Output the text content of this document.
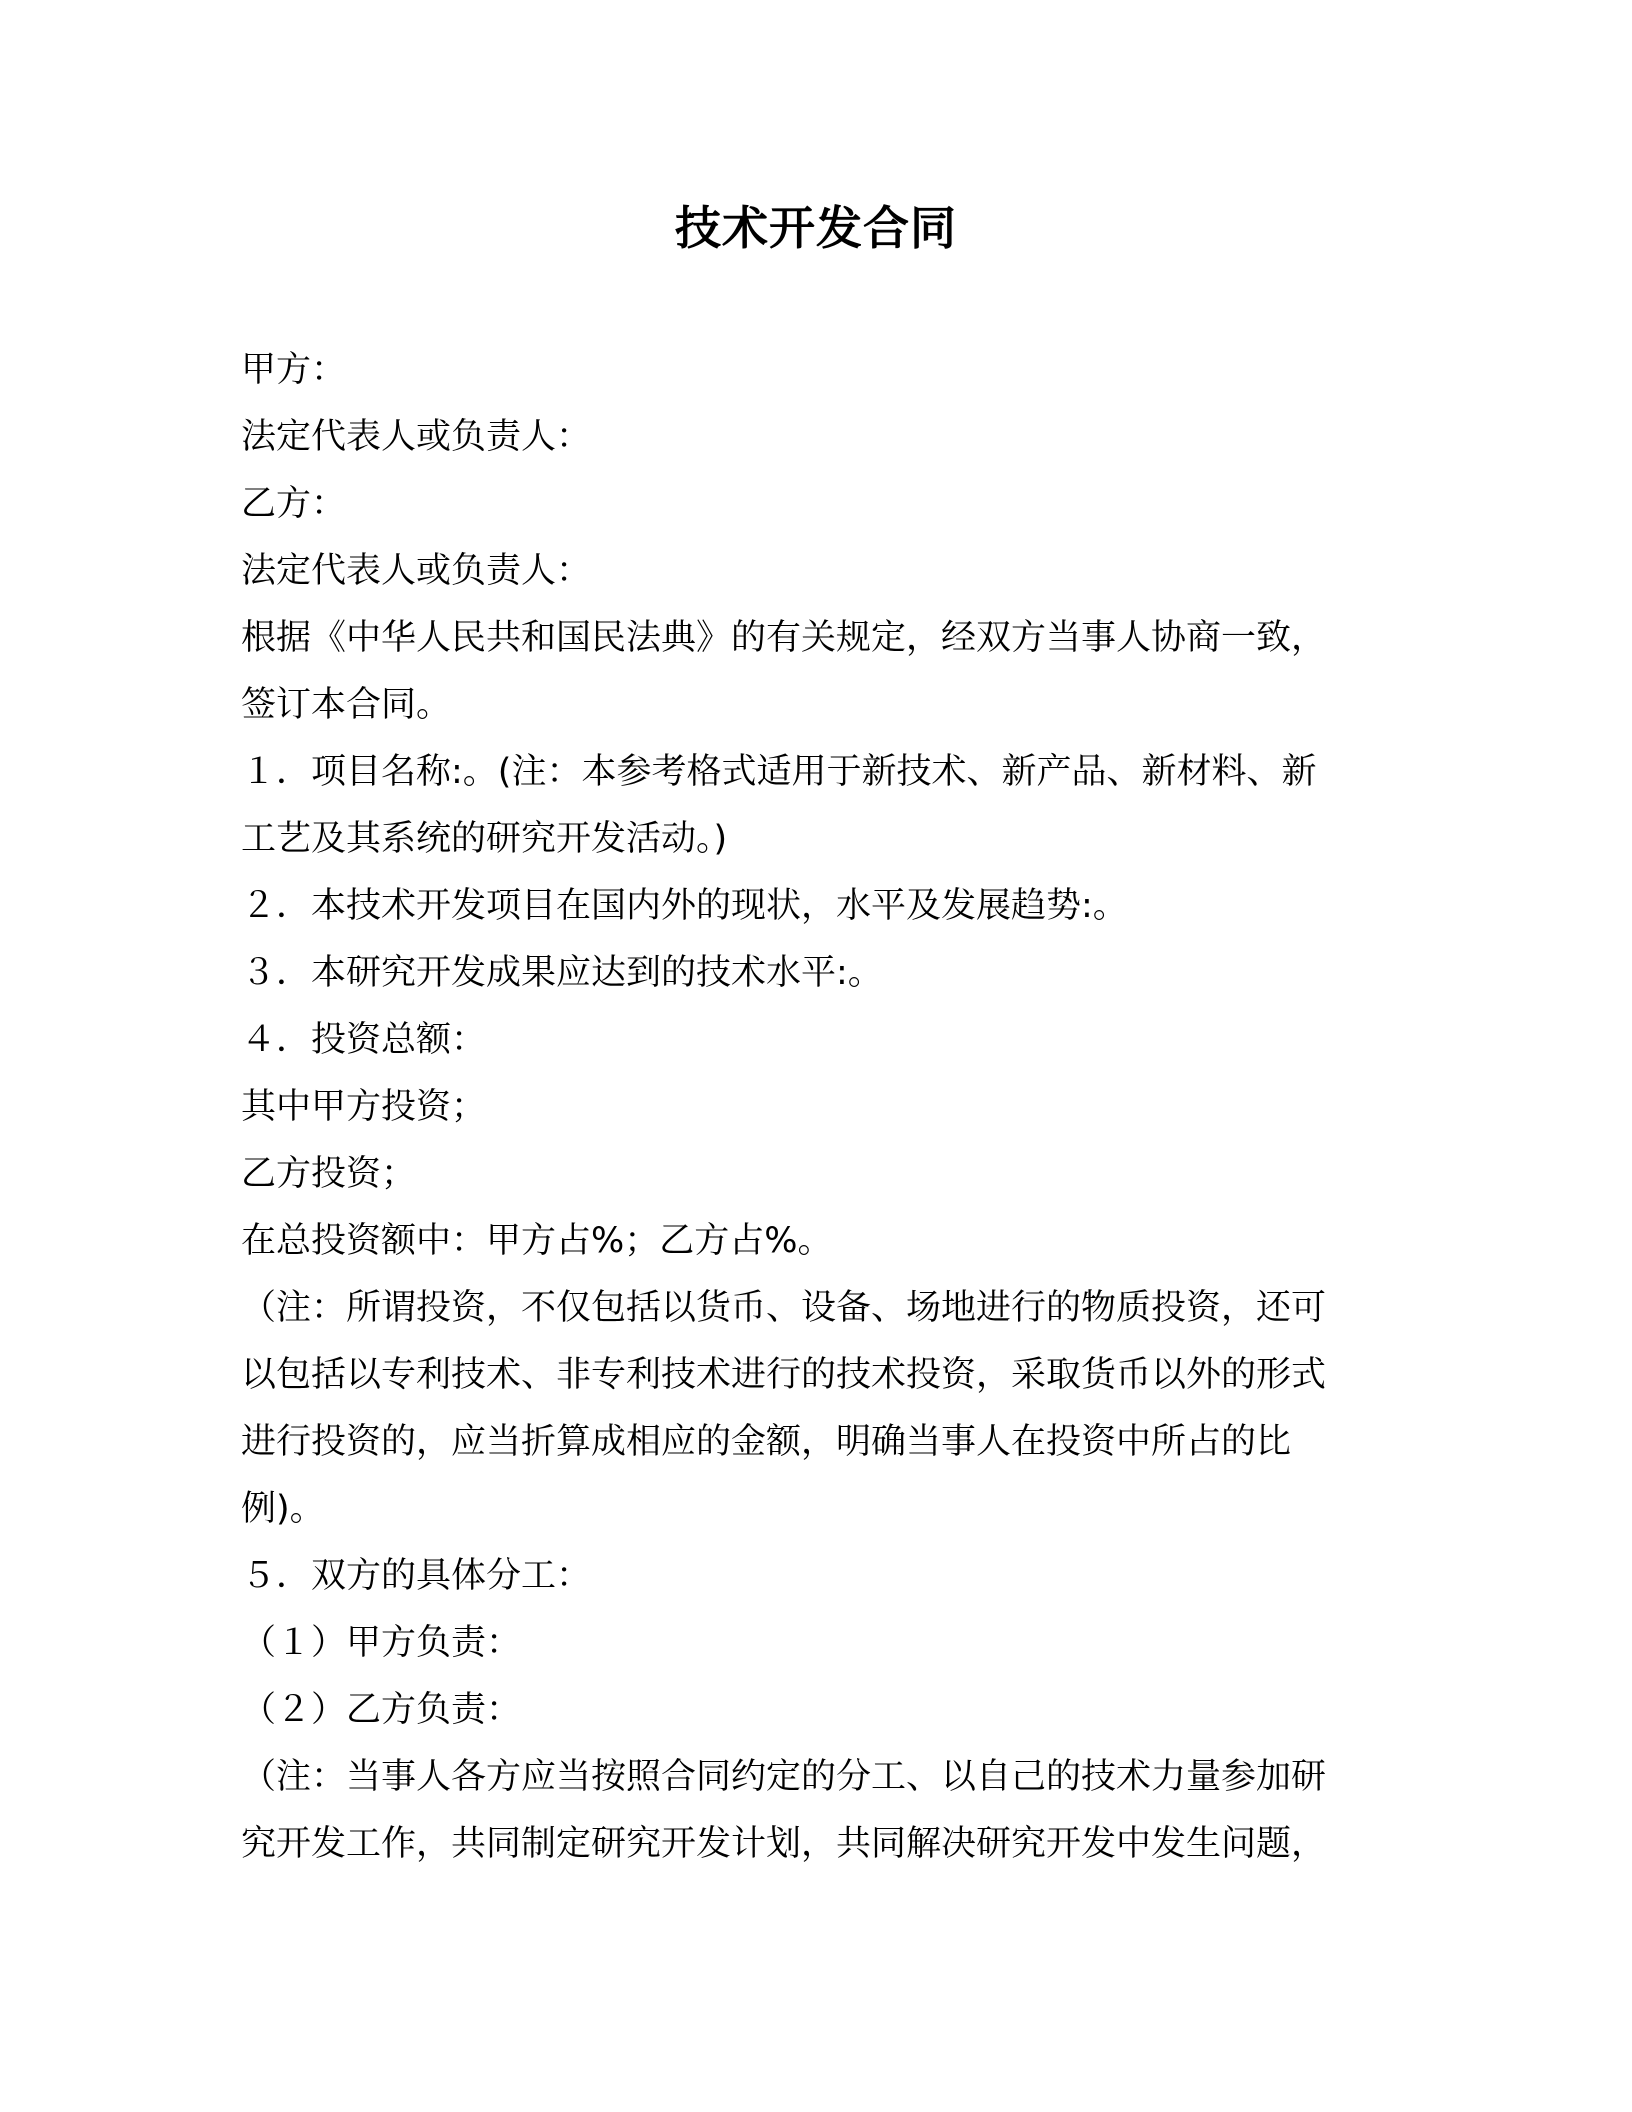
技术开发合同
甲方：
法定代表人或负责人：
乙方：
法定代表人或负责人：
根据《中华人民共和国民法典》的有关规定，经双方当事人协商一致，
签订本合同。
１．项目名称:。(注：本参考格式适用于新技术、新产品、新材料、新
工艺及其系统的研究开发活动。)
２．本技术开发项目在国内外的现状，水平及发展趋势:。
３．本研究开发成果应达到的技术水平:。
４．投资总额：
其中甲方投资；
乙方投资；
在总投资额中：甲方占%；乙方占%。
（注：所谓投资，不仅包括以货币、设备、场地进行的物质投资，还可
以包括以专利技术、非专利技术进行的技术投资，采取货币以外的形式
进行投资的，应当折算成相应的金额，明确当事人在投资中所占的比
例)。
５．双方的具体分工：
（１）甲方负责：
（２）乙方负责：
（注：当事人各方应当按照合同约定的分工、以自己的技术力量参加研
究开发工作，共同制定研究开发计划，共同解决研究开发中发生问题，
